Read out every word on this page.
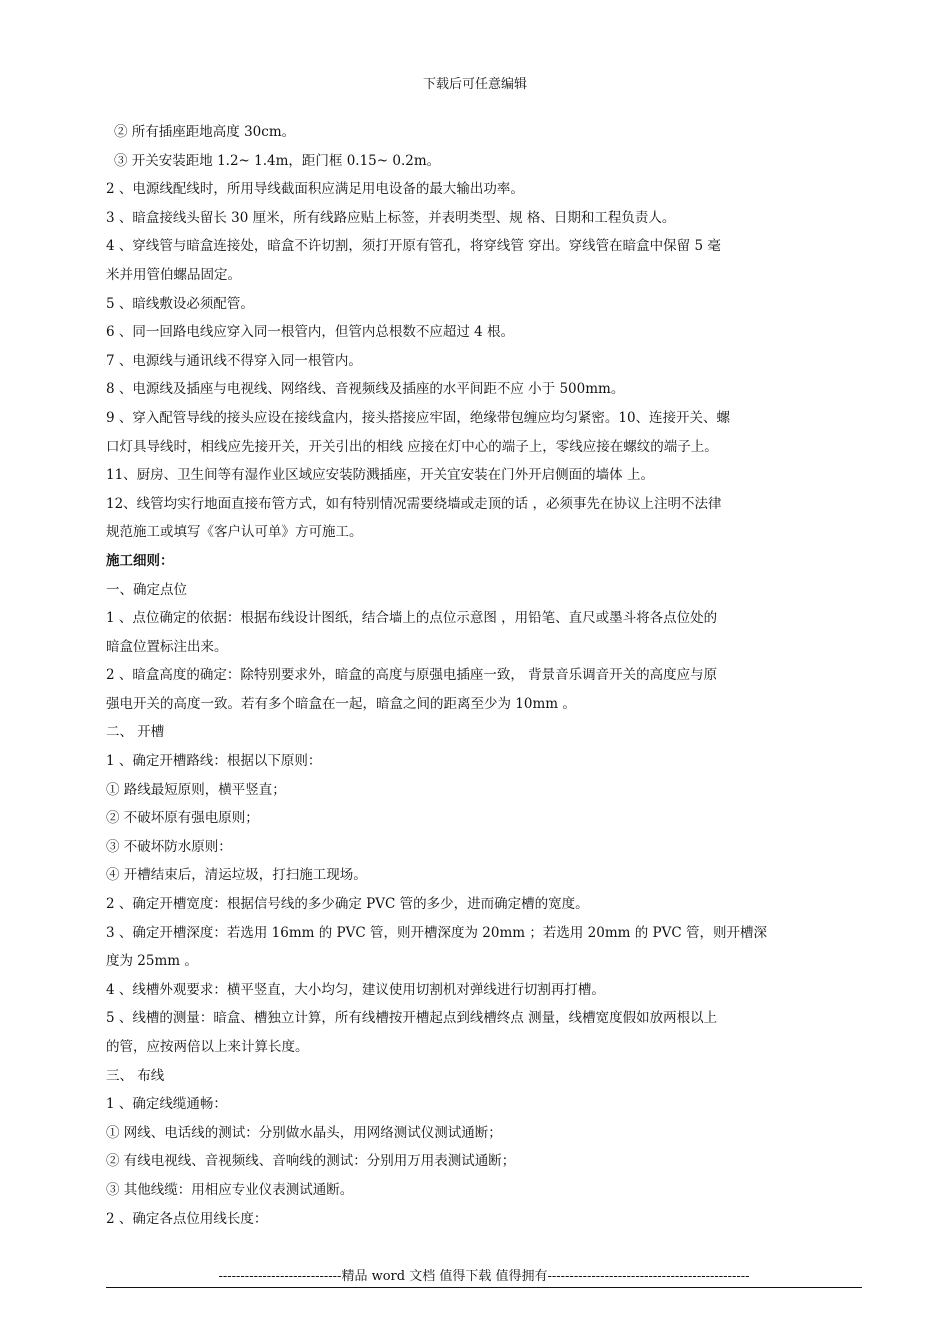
下载后可任意编辑
② 所有插座距地高度 30cm。
③ 开关安装距地 1.2~ 1.4m，距门框 0.15~ 0.2m。
2 、电源线配线时，所用导线截面积应满足用电设备的最大输出功率。
3 、暗盒接线头留长 30 厘米，所有线路应贴上标签，并表明类型、规 格、日期和工程负责人。
4 、穿线管与暗盒连接处，暗盒不许切割，须打开原有管孔，将穿线管 穿出。穿线管在暗盒中保留 5 毫
米并用管伯螺品固定。
5 、暗线敷设必须配管。
6 、同一回路电线应穿入同一根管内，但管内总根数不应超过 4 根。
7 、电源线与通讯线不得穿入同一根管内。
8 、电源线及插座与电视线、网络线、音视频线及插座的水平间距不应 小于 500mm。
9 、穿入配管导线的接头应设在接线盒内，接头搭接应牢固，绝缘带包缠应均匀紧密。10、连接开关、螺
口灯具导线时，相线应先接开关，开关引出的相线 应接在灯中心的端子上，零线应接在螺纹的端子上。
11、厨房、卫生间等有湿作业区域应安装防溅插座，开关宜安装在门外开启侧面的墙体 上。
12、线管均实行地面直接布管方式，如有特别情况需要绕墙或走顶的话 ，必须事先在协议上注明不法律
规范施工或填写《客户认可单》方可施工。
施工细则：
一、确定点位
1 、点位确定的依据：根据布线设计图纸，结合墙上的点位示意图 ，用铅笔、直尺或墨斗将各点位处的
暗盒位置标注出来。
2 、暗盒高度的确定：除特别要求外，暗盒的高度与原强电插座一致， 背景音乐调音开关的高度应与原
强电开关的高度一致。若有多个暗盒在一起，暗盒之间的距离至少为 10mm 。
二、 开槽
1 、确定开槽路线：根据以下原则：
① 路线最短原则，横平竖直；
② 不破坏原有强电原则；
③ 不破坏防水原则：
④ 开槽结束后，清运垃圾，打扫施工现场。
2 、确定开槽宽度：根据信号线的多少确定 PVC 管的多少，进而确定槽的宽度。
3 、确定开槽深度：若选用 16mm 的 PVC 管，则开槽深度为 20mm ；若选用 20mm 的 PVC 管，则开槽深
度为 25mm 。
4 、线槽外观要求：横平竖直，大小均匀，建议使用切割机对弹线进行切割再打槽。
5 、线槽的测量：暗盒、槽独立计算，所有线槽按开槽起点到线槽终点 测量，线槽宽度假如放两根以上
的管，应按两倍以上来计算长度。
三、 布线
1 、确定线缆通畅：
① 网线、电话线的测试：分别做水晶头，用网络测试仪测试通断；
② 有线电视线、音视频线、音响线的测试：分别用万用表测试通断；
③ 其他线缆：用相应专业仪表测试通断。
2 、确定各点位用线长度：
----------------------------精品 word 文档 值得下载 值得拥有----------------------------------------------
